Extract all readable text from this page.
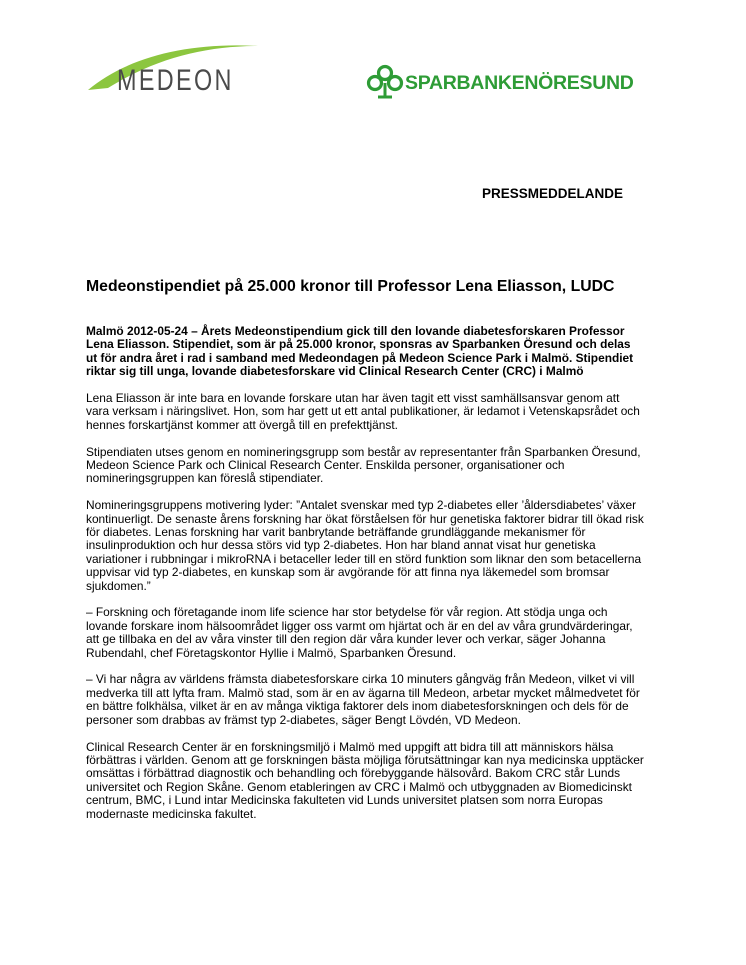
MEDEON	SPARBANKENÖRESUND
PRESSMEDDELANDE
Medeonstipendiet på 25.000 kronor till Professor Lena Eliasson, LUDC

Malmö 2012-05-24 – Årets Medeonstipendium gick till den lovande diabetesforskaren Professor
Lena Eliasson. Stipendiet, som är på 25.000 kronor, sponsras av Sparbanken Öresund och delas
ut för andra året i rad i samband med Medeondagen på Medeon Science Park i Malmö. Stipendiet
riktar sig till unga, lovande diabetesforskare vid Clinical Research Center (CRC) i Malmö

Lena Eliasson är inte bara en lovande forskare utan har även tagit ett visst samhällsansvar genom att
vara verksam i näringslivet. Hon, som har gett ut ett antal publikationer, är ledamot i Vetenskapsrådet och
hennes forskartjänst kommer att övergå till en prefekttjänst.

Stipendiaten utses genom en nomineringsgrupp som består av representanter från Sparbanken Öresund,
Medeon Science Park och Clinical Research Center. Enskilda personer, organisationer och
nomineringsgruppen kan föreslå stipendiater.

Nomineringsgruppens motivering lyder: ”Antalet svenskar med typ 2-diabetes eller ’åldersdiabetes’ växer
kontinuerligt. De senaste årens forskning har ökat förståelsen för hur genetiska faktorer bidrar till ökad risk
för diabetes. Lenas forskning har varit banbrytande beträffande grundläggande mekanismer för
insulinproduktion och hur dessa störs vid typ 2-diabetes. Hon har bland annat visat hur genetiska
variationer i rubbningar i mikroRNA i betaceller leder till en störd funktion som liknar den som betacellerna
uppvisar vid typ 2-diabetes, en kunskap som är avgörande för att finna nya läkemedel som bromsar
sjukdomen.”

– Forskning och företagande inom life science har stor betydelse för vår region. Att stödja unga och
lovande forskare inom hälsoområdet ligger oss varmt om hjärtat och är en del av våra grundvärderingar,
att ge tillbaka en del av våra vinster till den region där våra kunder lever och verkar, säger Johanna
Rubendahl, chef Företagskontor Hyllie i Malmö, Sparbanken Öresund.

– Vi har några av världens främsta diabetesforskare cirka 10 minuters gångväg från Medeon, vilket vi vill
medverka till att lyfta fram. Malmö stad, som är en av ägarna till Medeon, arbetar mycket målmedvetet för
en bättre folkhälsa, vilket är en av många viktiga faktorer dels inom diabetesforskningen och dels för de
personer som drabbas av främst typ 2-diabetes, säger Bengt Lövdén, VD Medeon.

Clinical Research Center är en forskningsmiljö i Malmö med uppgift att bidra till att människors hälsa
förbättras i världen. Genom att ge forskningen bästa möjliga förutsättningar kan nya medicinska upptäcker
omsättas i förbättrad diagnostik och behandling och förebyggande hälsovård. Bakom CRC står Lunds
universitet och Region Skåne. Genom etableringen av CRC i Malmö och utbyggnaden av Biomedicinskt
centrum, BMC, i Lund intar Medicinska fakulteten vid Lunds universitet platsen som norra Europas
modernaste medicinska fakultet.
